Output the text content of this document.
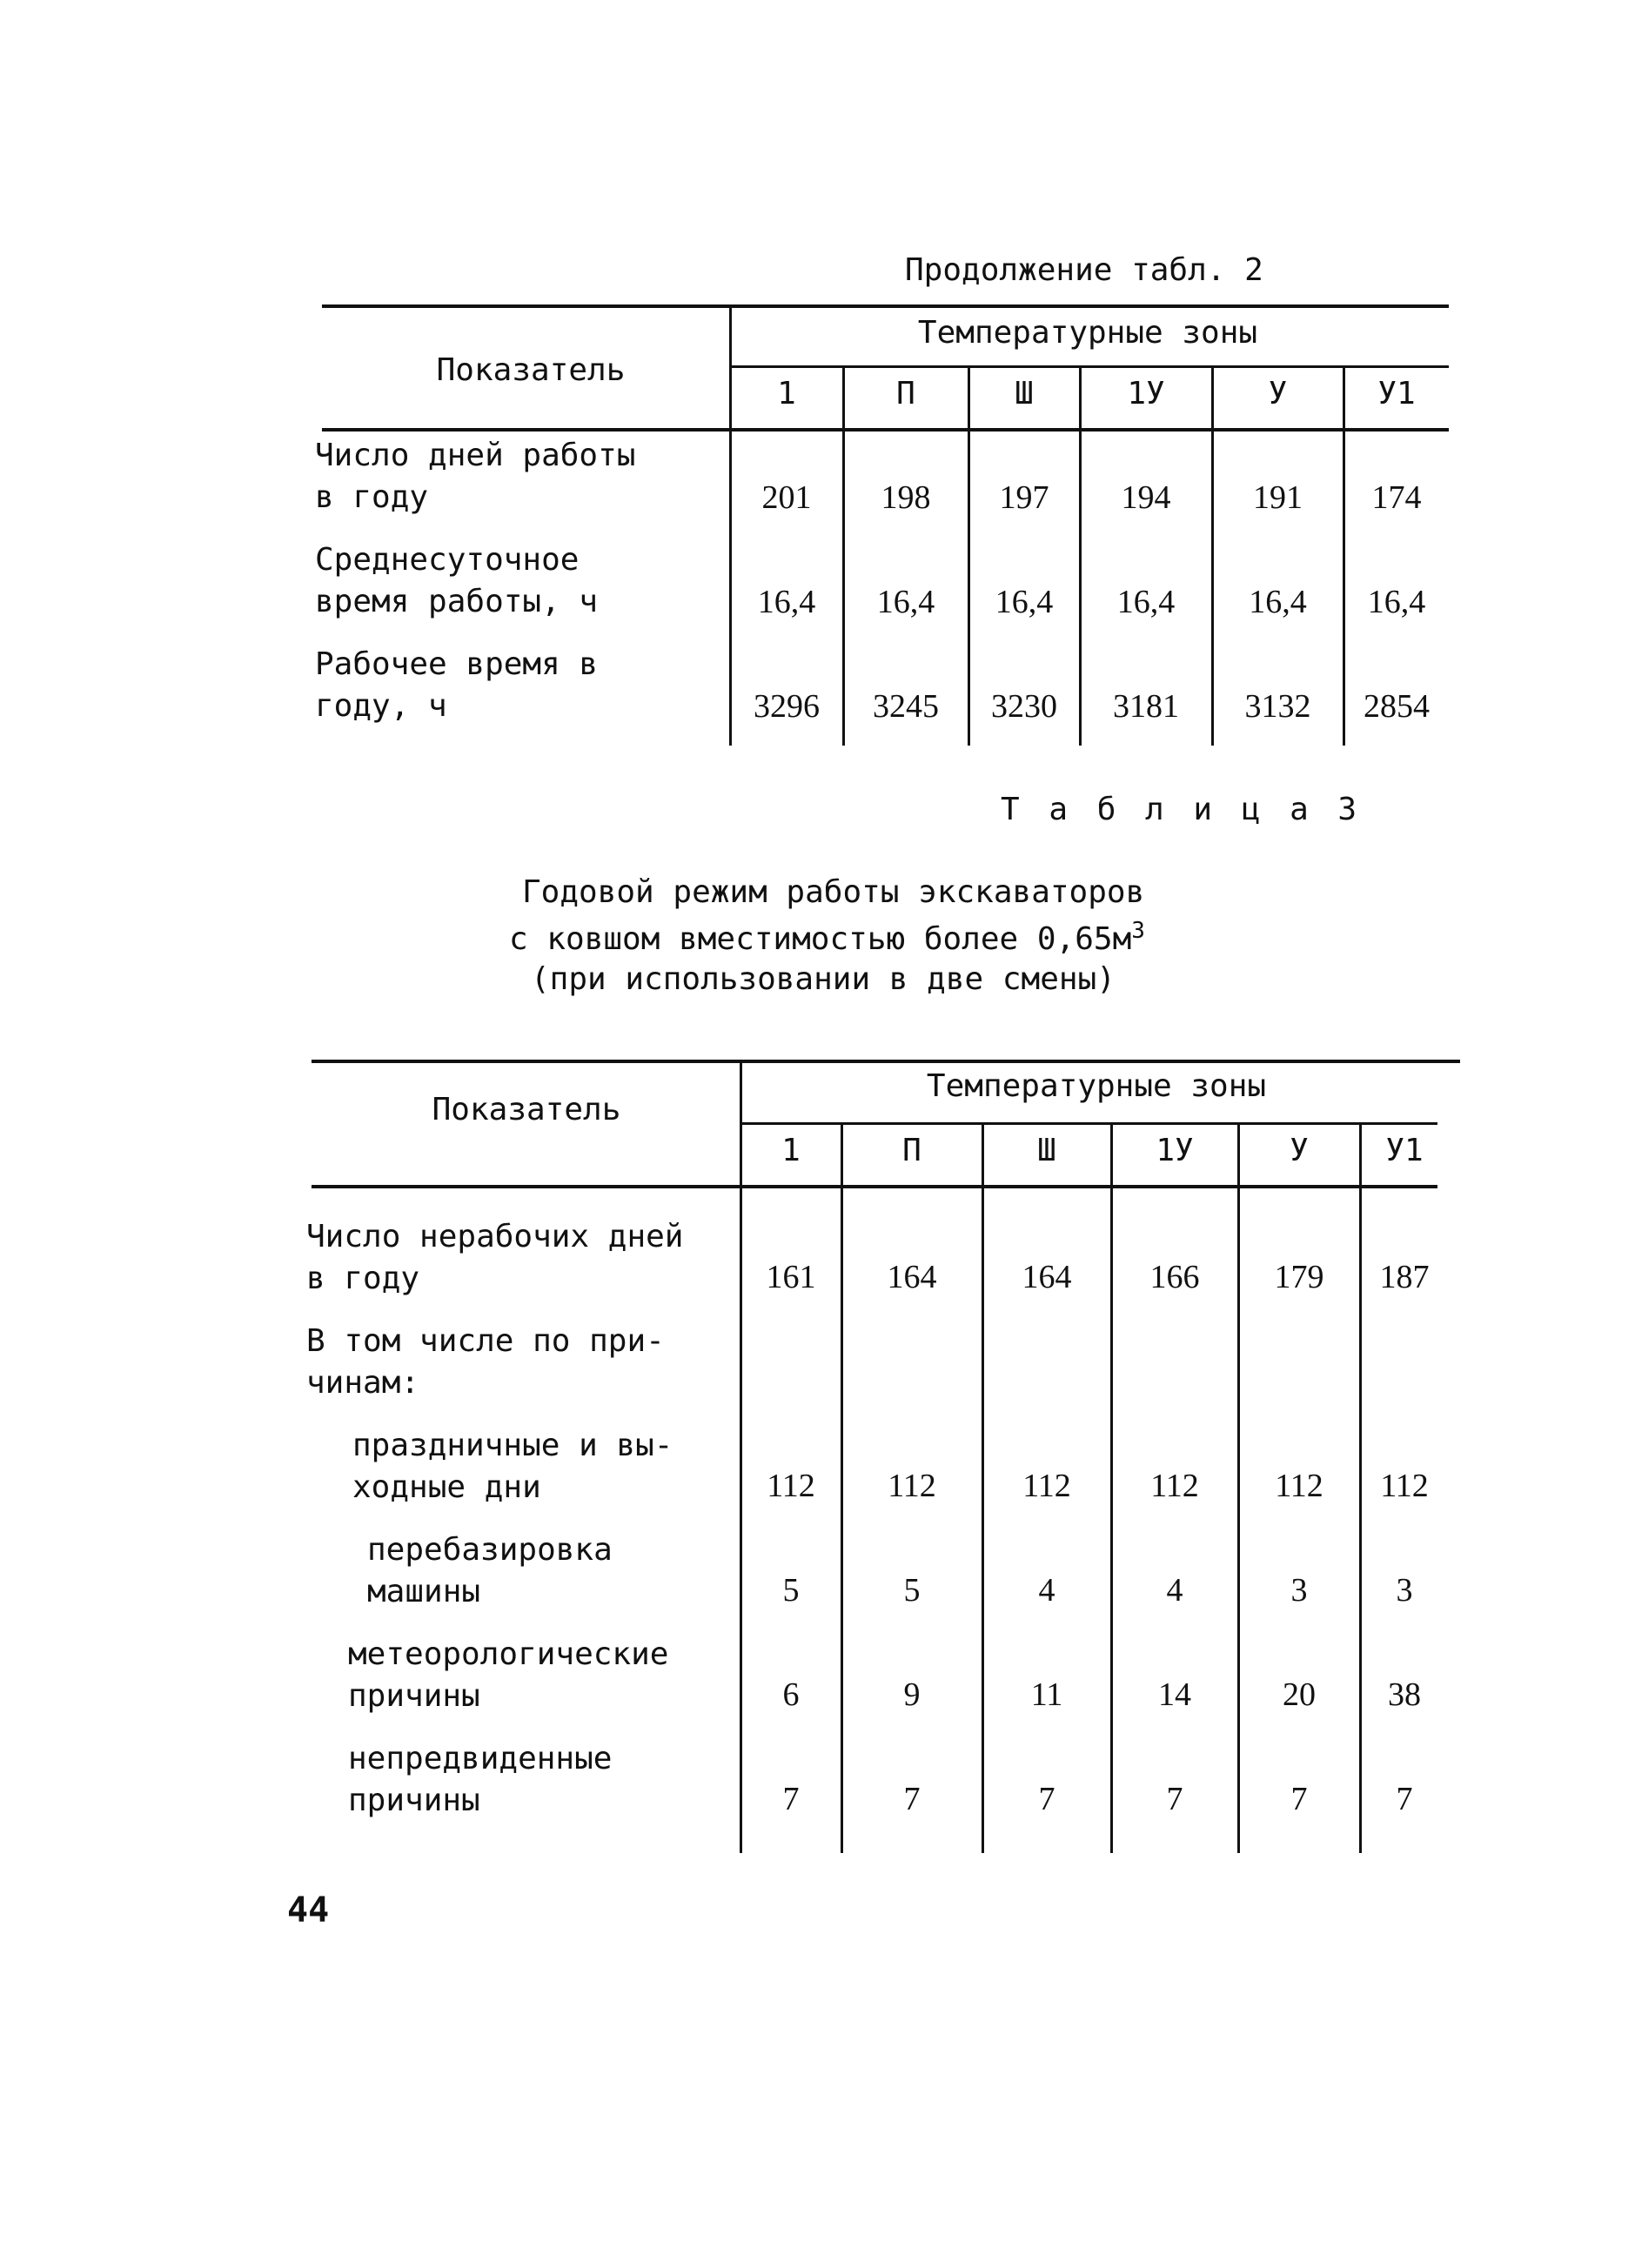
Продолжение табл. 2
Показатель
Температурные зоны
1	П	Ш	1У	У	У1
Число дней работы
в году	201	198	197	194	191	174
Среднесуточное
время работы, ч	16,4	16,4	16,4	16,4	16,4	16,4
Рабочее время в
году, ч	3296	3245	3230	3181	3132	2854
Т а б л и ц а 3
Годовой режим работы экскаваторов
с ковшом вместимостью более $0,65м^3$
(при использовании в две смены)
Показатель
Температурные зоны
1	П	Ш	1У	У	У1
Число нерабочих дней
в году	161	164	164	166	179	187
В том числе по при-
чинам:
праздничные и вы-
ходные дни	112	112	112	112	112	112
перебазировка
машины	5	5	4	4	3	3
метеорологические
причины	6	9	11	14	20	38
непредвиденные
причины	7	7	7	7	7	7
44
